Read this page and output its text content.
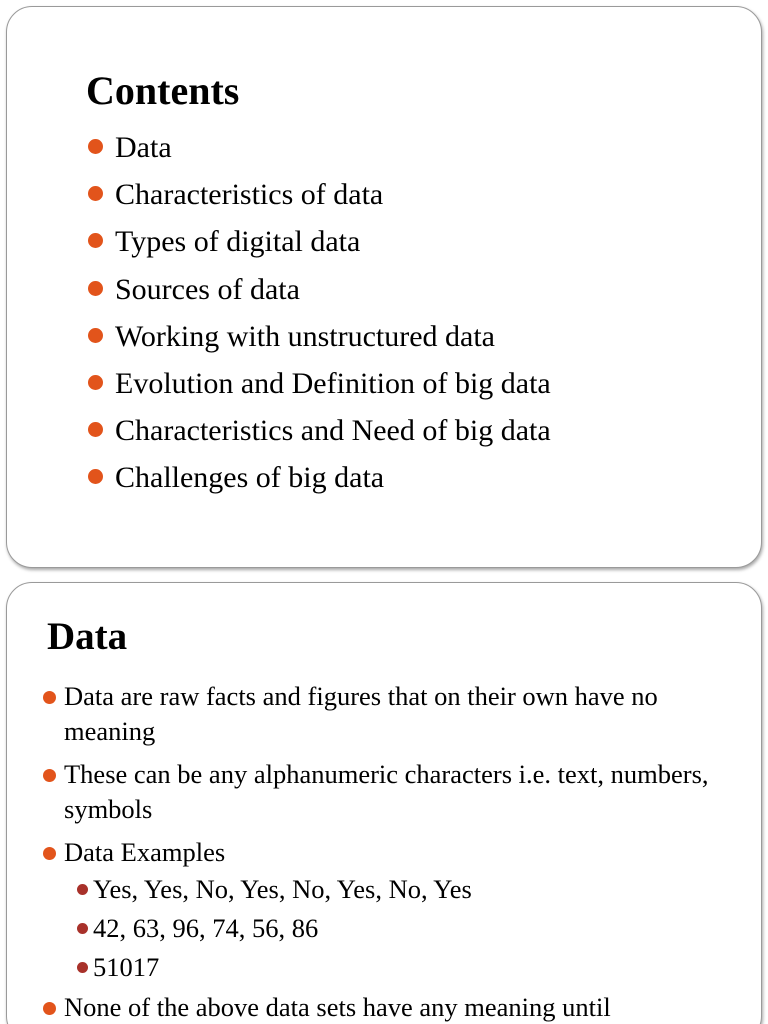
Contents
Data
Characteristics of data
Types of digital data
Sources of data
Working with unstructured data
Evolution and Definition of big data
Characteristics and Need of big data
Challenges of big data
Data
Data are raw facts and figures that on their own have no meaning
These can be any alphanumeric characters i.e. text, numbers, symbols
Data Examples
Yes, Yes, No, Yes, No, Yes, No, Yes
42, 63, 96, 74, 56, 86
51017
None of the above data sets have any meaning until
